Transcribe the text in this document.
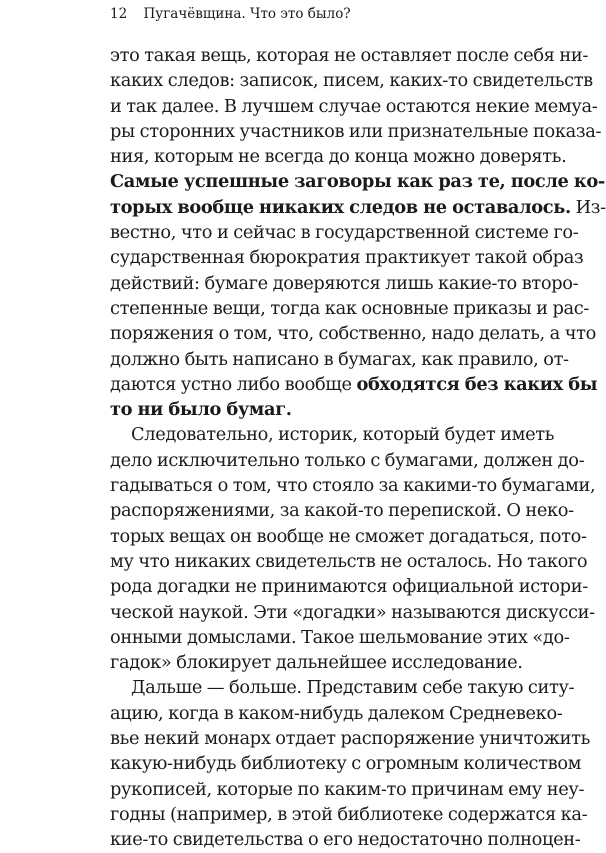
12 Пугачёвщина. Что это было?
это такая вещь, которая не оставляет после себя ни-
каких следов: записок, писем, каких-то свидетельств
и так далее. В лучшем случае остаются некие мемуа-
ры сторонних участников или признательные показа-
ния, которым не всегда до конца можно доверять.
Самые успешные заговоры как раз те, после ко-
торых вообще никаких следов не оставалось. Из-
вестно, что и сейчас в государственной системе го-
сударственная бюрократия практикует такой образ
действий: бумаге доверяются лишь какие-то второ-
степенные вещи, тогда как основные приказы и рас-
поряжения о том, что, собственно, надо делать, а что
должно быть написано в бумагах, как правило, от-
даются устно либо вообще обходятся без каких бы
то ни было бумаг.
Следовательно, историк, который будет иметь
дело исключительно только с бумагами, должен до-
гадываться о том, что стояло за какими-то бумагами,
распоряжениями, за какой-то перепиской. О неко-
торых вещах он вообще не сможет догадаться, пото-
му что никаких свидетельств не осталось. Но такого
рода догадки не принимаются официальной истори-
ческой наукой. Эти «догадки» называются дискусси-
онными домыслами. Такое шельмование этих «до-
гадок» блокирует дальнейшее исследование.
Дальше — больше. Представим себе такую ситу-
ацию, когда в каком-нибудь далеком Средневеко-
вье некий монарх отдает распоряжение уничтожить
какую-нибудь библиотеку с огромным количеством
рукописей, которые по каким-то причинам ему неу-
годны (например, в этой библиотеке содержатся ка-
кие-то свидетельства о его недостаточно полноцен-
